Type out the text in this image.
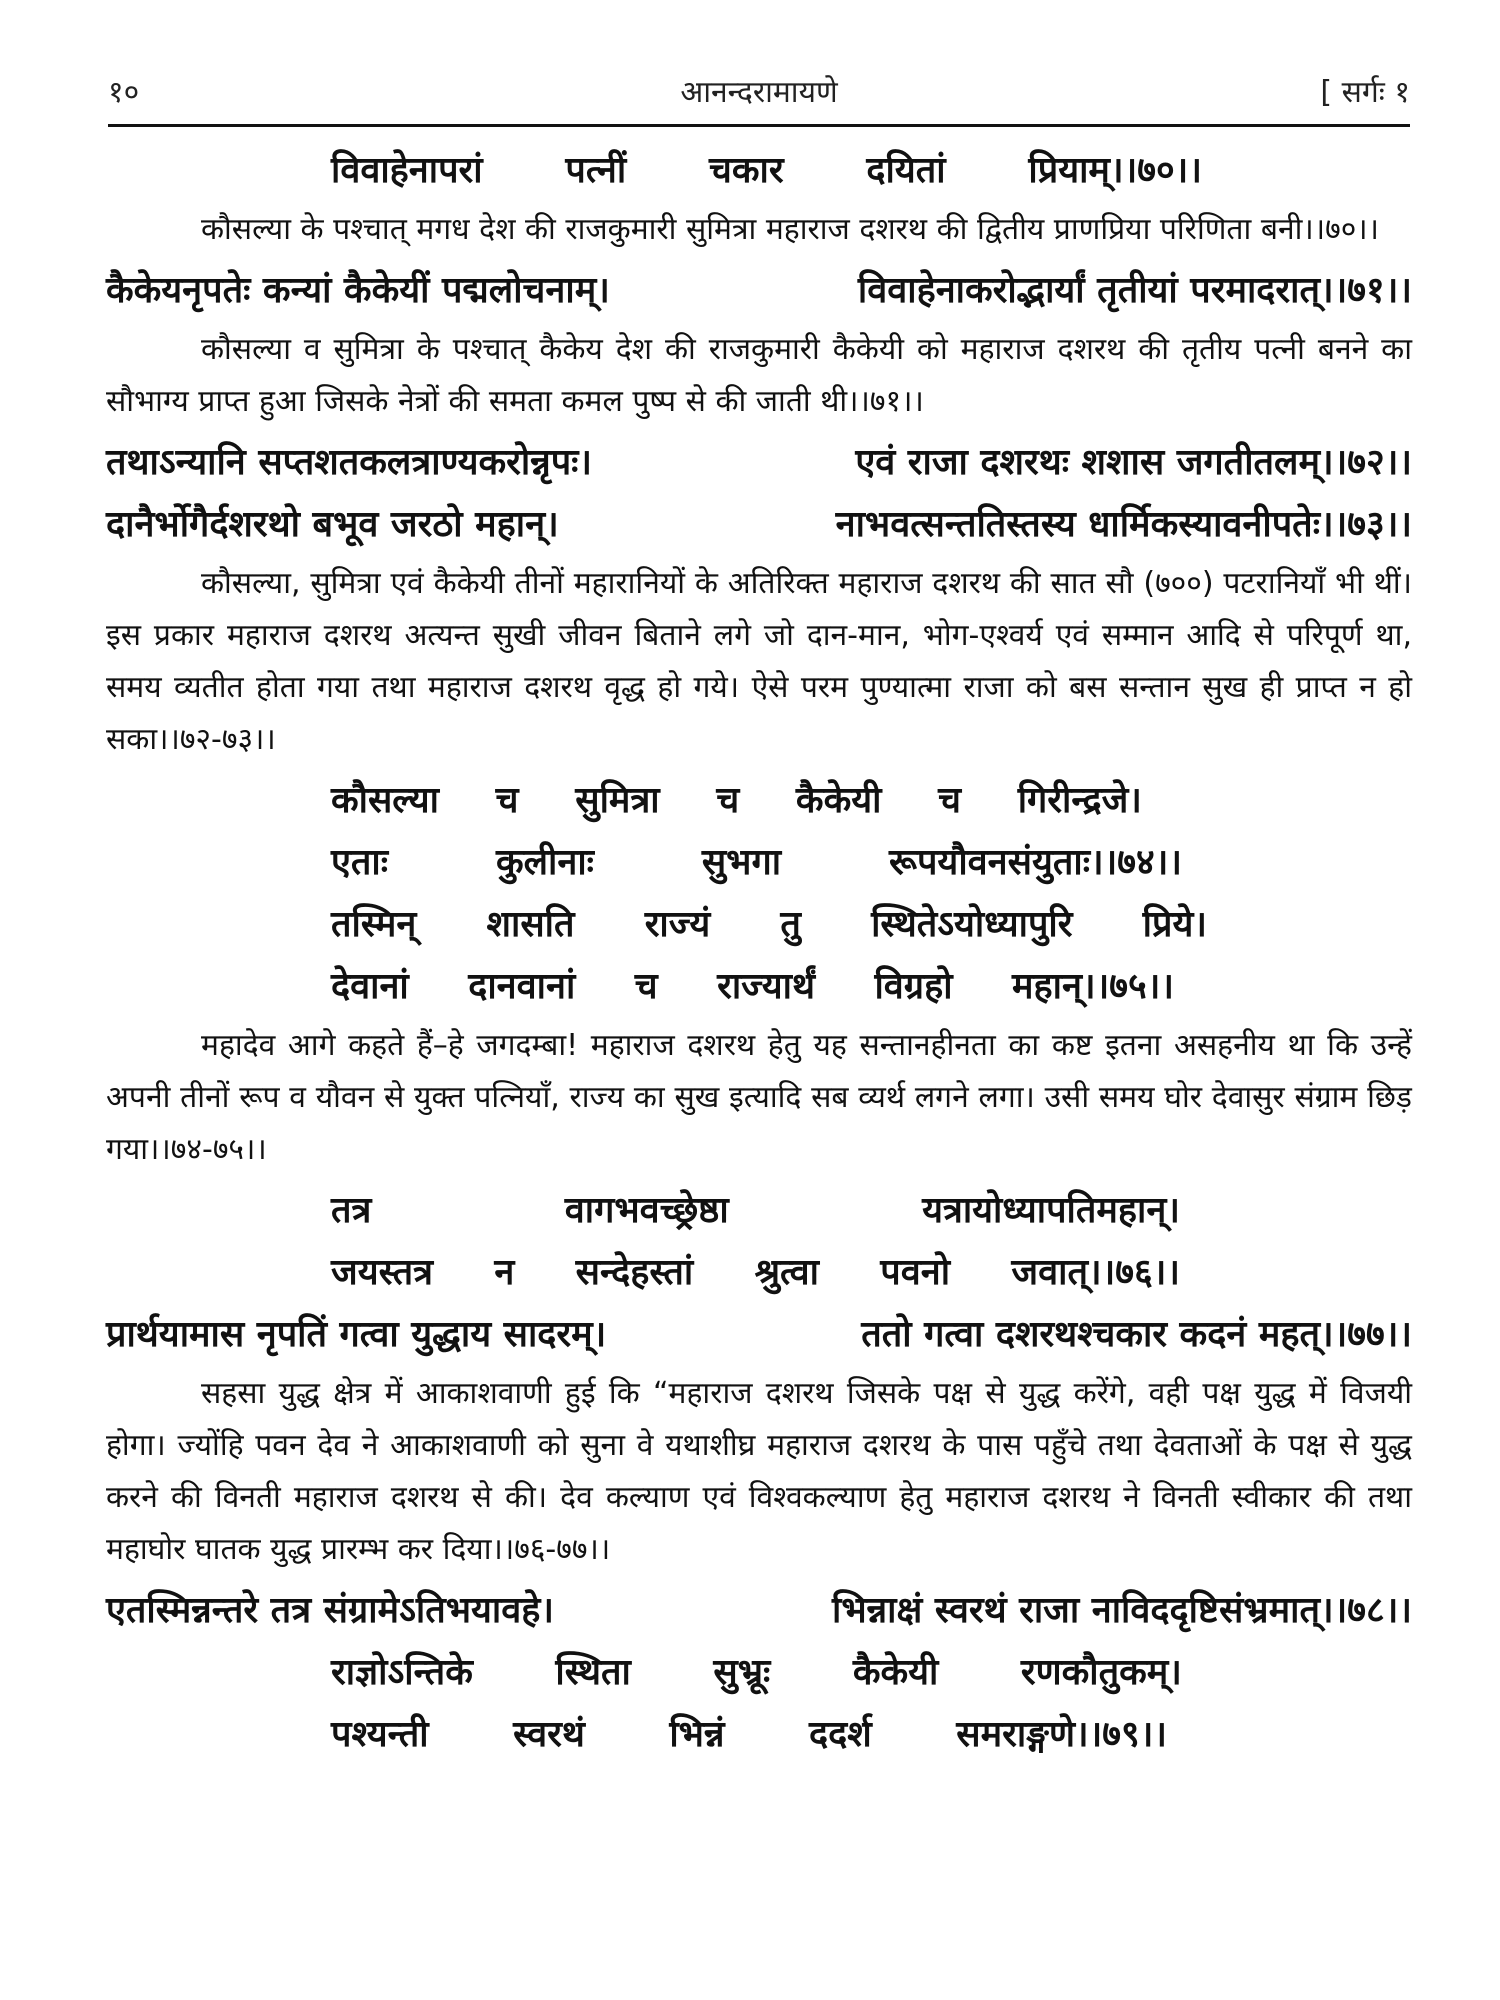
१०	आनन्दरामायणे	[ सर्गः १
विवाहेनापरां पत्नीं चकार दयितां प्रियाम्।।७०।।

कौसल्या के पश्चात् मगध देश की राजकुमारी सुमित्रा महाराज दशरथ की द्वितीय प्राणप्रिया परिणिता बनी।।७०।।

कैकेयनृपतेः कन्यां कैकेयीं पद्मलोचनाम्।	विवाहेनाकरोद्भार्यां तृतीयां परमादरात्।।७१।।

कौसल्या व सुमित्रा के पश्चात् कैकेय देश की राजकुमारी कैकेयी को महाराज दशरथ की तृतीय पत्नी बनने का सौभाग्य प्राप्त हुआ जिसके नेत्रों की समता कमल पुष्प से की जाती थी।।७१।।

तथाऽन्यानि सप्तशतकलत्राण्यकरोन्नृपः।	एवं राजा दशरथः शशास जगतीतलम्।।७२।।
दानैर्भोगैर्दशरथो बभूव जरठो महान्।	नाभवत्सन्ततिस्तस्य धार्मिकस्यावनीपतेः।।७३।।

कौसल्या, सुमित्रा एवं कैकेयी तीनों महारानियों के अतिरिक्त महाराज दशरथ की सात सौ (७००) पटरानियाँ भी थीं। इस प्रकार महाराज दशरथ अत्यन्त सुखी जीवन बिताने लगे जो दान-मान, भोग-एश्वर्य एवं सम्मान आदि से परिपूर्ण था, समय व्यतीत होता गया तथा महाराज दशरथ वृद्ध हो गये। ऐसे परम पुण्यात्मा राजा को बस सन्तान सुख ही प्राप्त न हो सका।।७२-७३।।

कौसल्या च सुमित्रा च कैकेयी च गिरीन्द्रजे।
एताः	कुलीनाः	सुभगा	रूपयौवनसंयुताः।।७४।।
तस्मिन् शासति राज्यं तु स्थितेऽयोध्यापुरि प्रिये।
देवानां दानवानां च राज्यार्थं विग्रहो महान्।।७५।।

महादेव आगे कहते हैं–हे जगदम्बा! महाराज दशरथ हेतु यह सन्तानहीनता का कष्ट इतना असहनीय था कि उन्हें अपनी तीनों रूप व यौवन से युक्त पत्नियाँ, राज्य का सुख इत्यादि सब व्यर्थ लगने लगा। उसी समय घोर देवासुर संग्राम छिड़ गया।।७४-७५।।

तत्र	वागभवच्छ्रेष्ठा	यत्रायोध्यापतिमहान्।
जयस्तत्र न सन्देहस्तां श्रुत्वा पवनो जवात्।।७६।।
प्रार्थयामास नृपतिं गत्वा युद्धाय सादरम्।	ततो गत्वा दशरथश्चकार कदनं महत्।।७७।।

सहसा युद्ध क्षेत्र में आकाशवाणी हुई कि “महाराज दशरथ जिसके पक्ष से युद्ध करेंगे, वही पक्ष युद्ध में विजयी होगा। ज्योंहि पवन देव ने आकाशवाणी को सुना वे यथाशीघ्र महाराज दशरथ के पास पहुँचे तथा देवताओं के पक्ष से युद्ध करने की विनती महाराज दशरथ से की। देव कल्याण एवं विश्वकल्याण हेतु महाराज दशरथ ने विनती स्वीकार की तथा महाघोर घातक युद्ध प्रारम्भ कर दिया।।७६-७७।।

एतस्मिन्नन्तरे तत्र संग्रामेऽतिभयावहे।	भिन्नाक्षं स्वरथं राजा नाविददृष्टिसंभ्रमात्।।७८।।
राज्ञोऽन्तिके स्थिता सुभ्रूः कैकेयी रणकौतुकम्।
पश्यन्ती स्वरथं भिन्नं ददर्श समराङ्गणे।।७९।।
